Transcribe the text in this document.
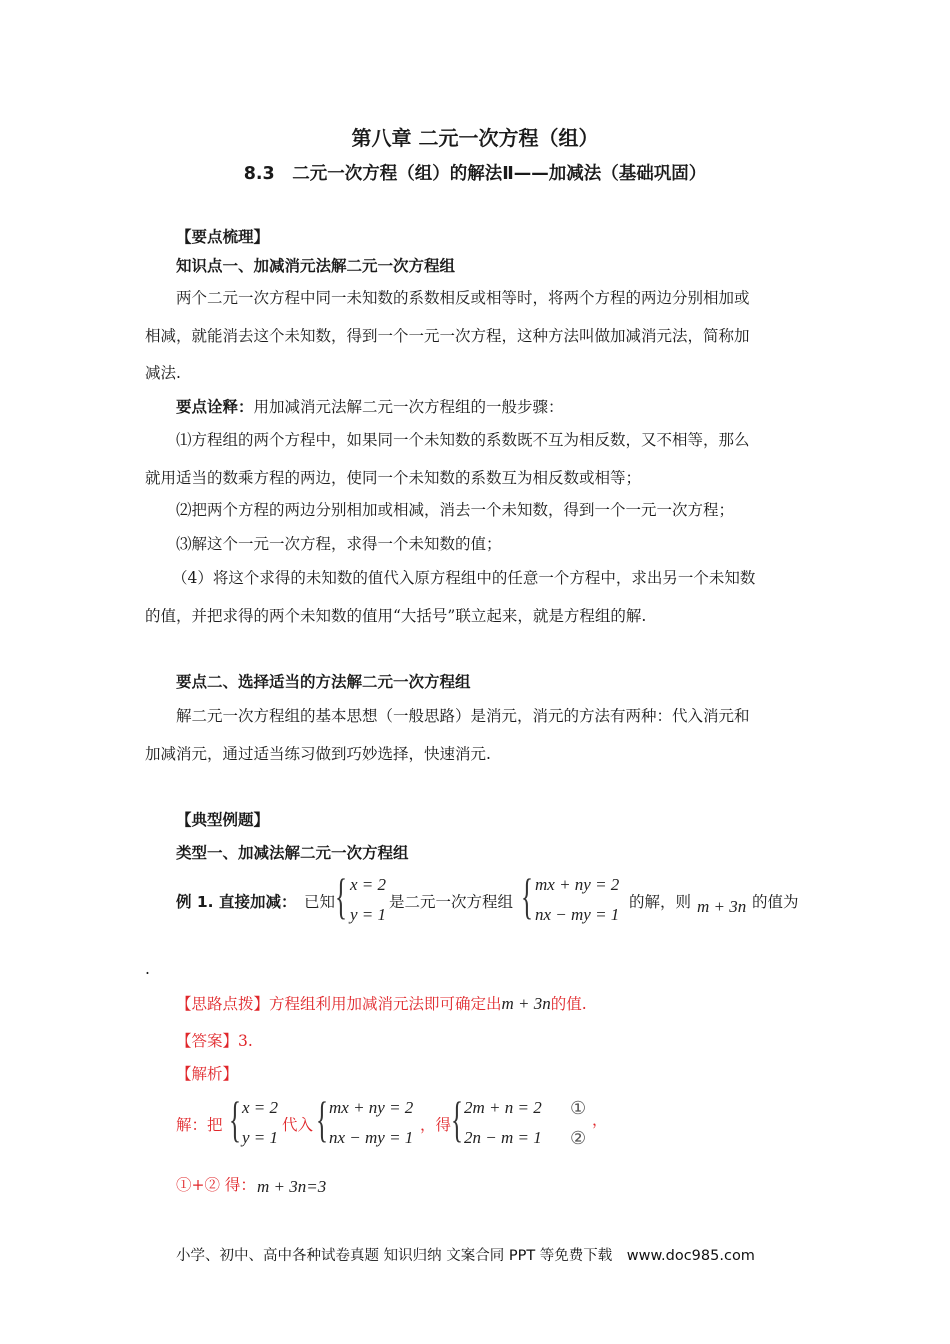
第八章 二元一次方程（组）
8.3　二元一次方程（组）的解法Ⅱ——加减法（基础巩固）
【要点梳理】
知识点一、加减消元法解二元一次方程组
两个二元一次方程中同一未知数的系数相反或相等时，将两个方程的两边分别相加或
相减，就能消去这个未知数，得到一个一元一次方程，这种方法叫做加减消元法，简称加
减法.
要点诠释：用加减消元法解二元一次方程组的一般步骤：
⑴方程组的两个方程中，如果同一个未知数的系数既不互为相反数，又不相等，那么
就用适当的数乘方程的两边，使同一个未知数的系数互为相反数或相等；
⑵把两个方程的两边分别相加或相减，消去一个未知数，得到一个一元一次方程；
⑶解这个一元一次方程，求得一个未知数的值；
（4）将这个求得的未知数的值代入原方程组中的任意一个方程中，求出另一个未知数
的值，并把求得的两个未知数的值用“大括号”联立起来，就是方程组的解.
要点二、选择适当的方法解二元一次方程组
解二元一次方程组的基本思想（一般思路）是消元，消元的方法有两种：代入消元和
加减消元，通过适当练习做到巧妙选择，快速消元.
【典型例题】
类型一、加减法解二元一次方程组
例 1. 直接加减： 已知 { x = 2
y = 1
是二元一次方程组 { mx + ny = 2
nx − my = 1
的解，则 m + 3n 的值为
.
【思路点拨】方程组利用加减消元法即可确定出m + 3n的值.
【答案】3.
【解析】
解：把 { x = 2
y = 1
代入 { mx + ny = 2
nx − my = 1
，得 { 2m + n = 2
2n − m = 1
①
②
，
①+② 得： m + 3n=3
小学、初中、高中各种试卷真题 知识归纳 文案合同 PPT 等免费下载　www.doc985.com
